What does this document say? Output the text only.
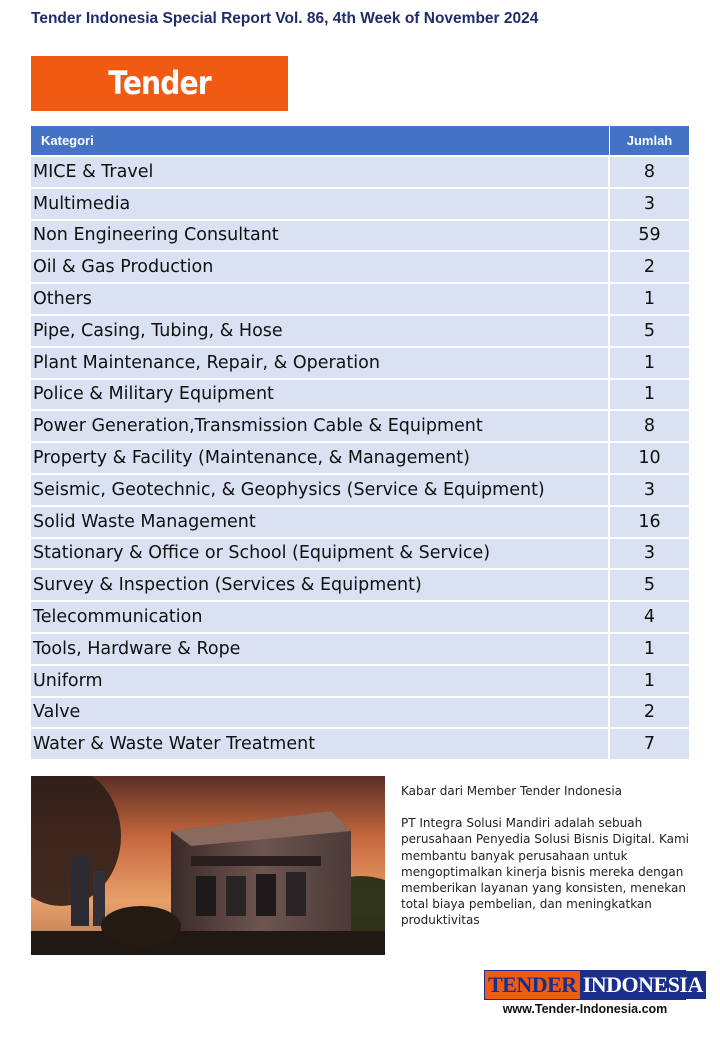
Tender Indonesia Special Report Vol. 86, 4th Week of November 2024
Tender
Kategori	Jumlah
MICE & Travel	8
Multimedia	3
Non Engineering Consultant	59
Oil & Gas Production	2
Others	1
Pipe, Casing, Tubing, & Hose	5
Plant Maintenance, Repair, & Operation	1
Police & Military Equipment	1
Power Generation,Transmission Cable & Equipment	8
Property & Facility (Maintenance, & Management)	10
Seismic, Geotechnic, & Geophysics (Service & Equipment)	3
Solid Waste Management	16
Stationary & Office or School (Equipment & Service)	3
Survey & Inspection (Services & Equipment)	5
Telecommunication	4
Tools, Hardware & Rope	1
Uniform	1
Valve	2
Water & Waste Water Treatment	7

Kabar dari Member Tender Indonesia

PT Integra Solusi Mandiri adalah sebuah perusahaan Penyedia Solusi Bisnis Digital. Kami membantu banyak perusahaan untuk mengoptimalkan kinerja bisnis mereka dengan memberikan layanan yang konsisten, menekan total biaya pembelian, dan meningkatkan produktivitas

TENDER INDONESIA
www.Tender-Indonesia.com
